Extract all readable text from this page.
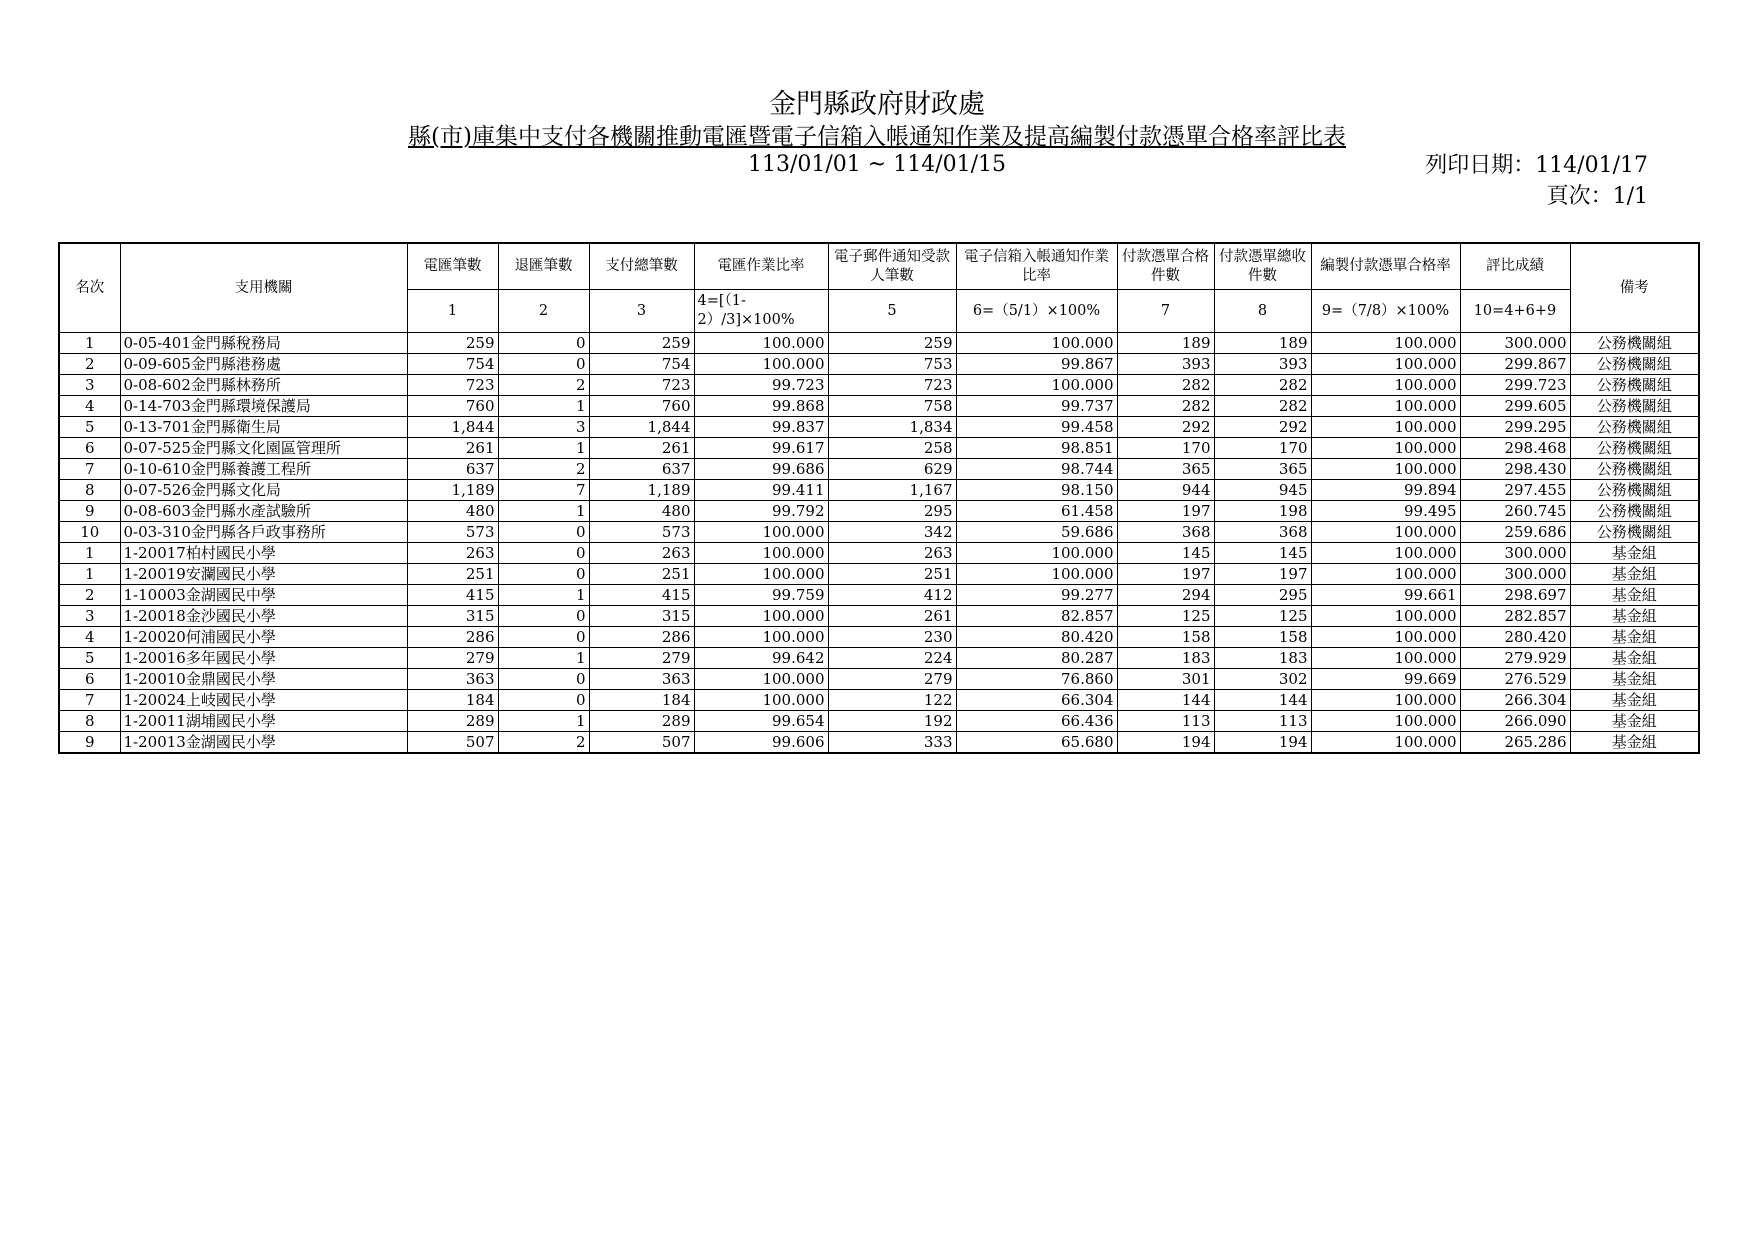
金門縣政府財政處
縣(市)庫集中支付各機關推動電匯暨電子信箱入帳通知作業及提高編製付款憑單合格率評比表
113/01/01 ~ 114/01/15	列印日期：114/01/17
頁次：1/1
名次	支用機關	電匯筆數	退匯筆數	支付總筆數	電匯作業比率	電子郵件通知受款人筆數	電子信箱入帳通知作業比率	付款憑單合格件數	付款憑單總收件數	編製付款憑單合格率	評比成績	備考
		1	2	3	4=[（1-2）/3]×100%	5	6=（5/1）×100%	7	8	9=（7/8）×100%	10=4+6+9	
1	0-05-401金門縣稅務局	259	0	259	100.000	259	100.000	189	189	100.000	300.000	公務機關組
2	0-09-605金門縣港務處	754	0	754	100.000	753	99.867	393	393	100.000	299.867	公務機關組
3	0-08-602金門縣林務所	723	2	723	99.723	723	100.000	282	282	100.000	299.723	公務機關組
4	0-14-703金門縣環境保護局	760	1	760	99.868	758	99.737	282	282	100.000	299.605	公務機關組
5	0-13-701金門縣衛生局	1,844	3	1,844	99.837	1,834	99.458	292	292	100.000	299.295	公務機關組
6	0-07-525金門縣文化園區管理所	261	1	261	99.617	258	98.851	170	170	100.000	298.468	公務機關組
7	0-10-610金門縣養護工程所	637	2	637	99.686	629	98.744	365	365	100.000	298.430	公務機關組
8	0-07-526金門縣文化局	1,189	7	1,189	99.411	1,167	98.150	944	945	99.894	297.455	公務機關組
9	0-08-603金門縣水產試驗所	480	1	480	99.792	295	61.458	197	198	99.495	260.745	公務機關組
10	0-03-310金門縣各戶政事務所	573	0	573	100.000	342	59.686	368	368	100.000	259.686	公務機關組
1	1-20017柏村國民小學	263	0	263	100.000	263	100.000	145	145	100.000	300.000	基金組
1	1-20019安瀾國民小學	251	0	251	100.000	251	100.000	197	197	100.000	300.000	基金組
2	1-10003金湖國民中學	415	1	415	99.759	412	99.277	294	295	99.661	298.697	基金組
3	1-20018金沙國民小學	315	0	315	100.000	261	82.857	125	125	100.000	282.857	基金組
4	1-20020何浦國民小學	286	0	286	100.000	230	80.420	158	158	100.000	280.420	基金組
5	1-20016多年國民小學	279	1	279	99.642	224	80.287	183	183	100.000	279.929	基金組
6	1-20010金鼎國民小學	363	0	363	100.000	279	76.860	301	302	99.669	276.529	基金組
7	1-20024上岐國民小學	184	0	184	100.000	122	66.304	144	144	100.000	266.304	基金組
8	1-20011湖埔國民小學	289	1	289	99.654	192	66.436	113	113	100.000	266.090	基金組
9	1-20013金湖國民小學	507	2	507	99.606	333	65.680	194	194	100.000	265.286	基金組
